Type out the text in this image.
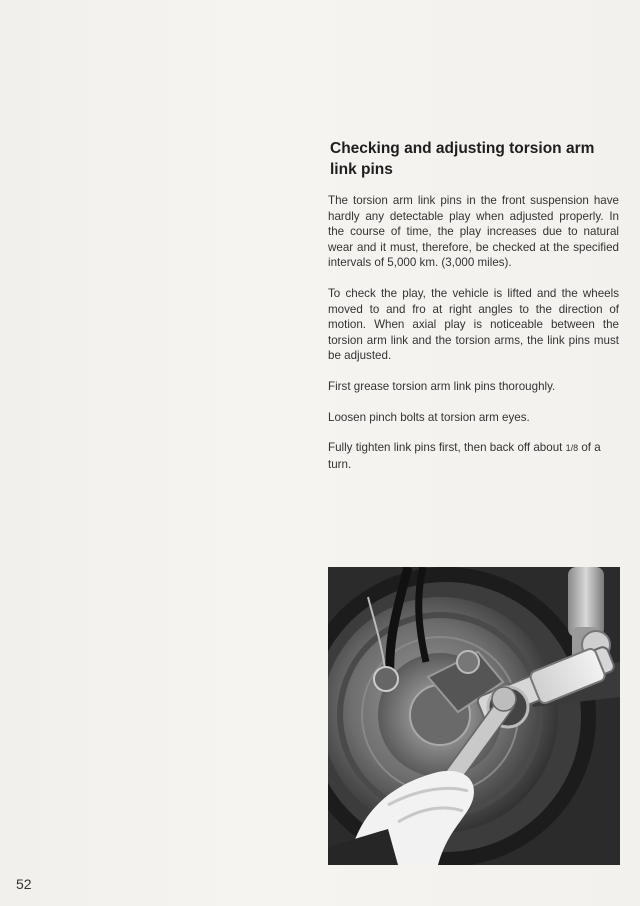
Checking and adjusting torsion arm link pins

The torsion arm link pins in the front suspension have hardly any detectable play when adjusted properly. In the course of time, the play increases due to natural wear and it must, therefore, be checked at the specified intervals of 5,000 km. (3,000 miles).

To check the play, the vehicle is lifted and the wheels moved to and fro at right angles to the direction of motion. When axial play is noticeable between the torsion arm link and the torsion arms, the link pins must be adjusted.

First grease torsion arm link pins thoroughly.

Loosen pinch bolts at torsion arm eyes.

Fully tighten link pins first, then back off about 1/8 of a turn.

52
